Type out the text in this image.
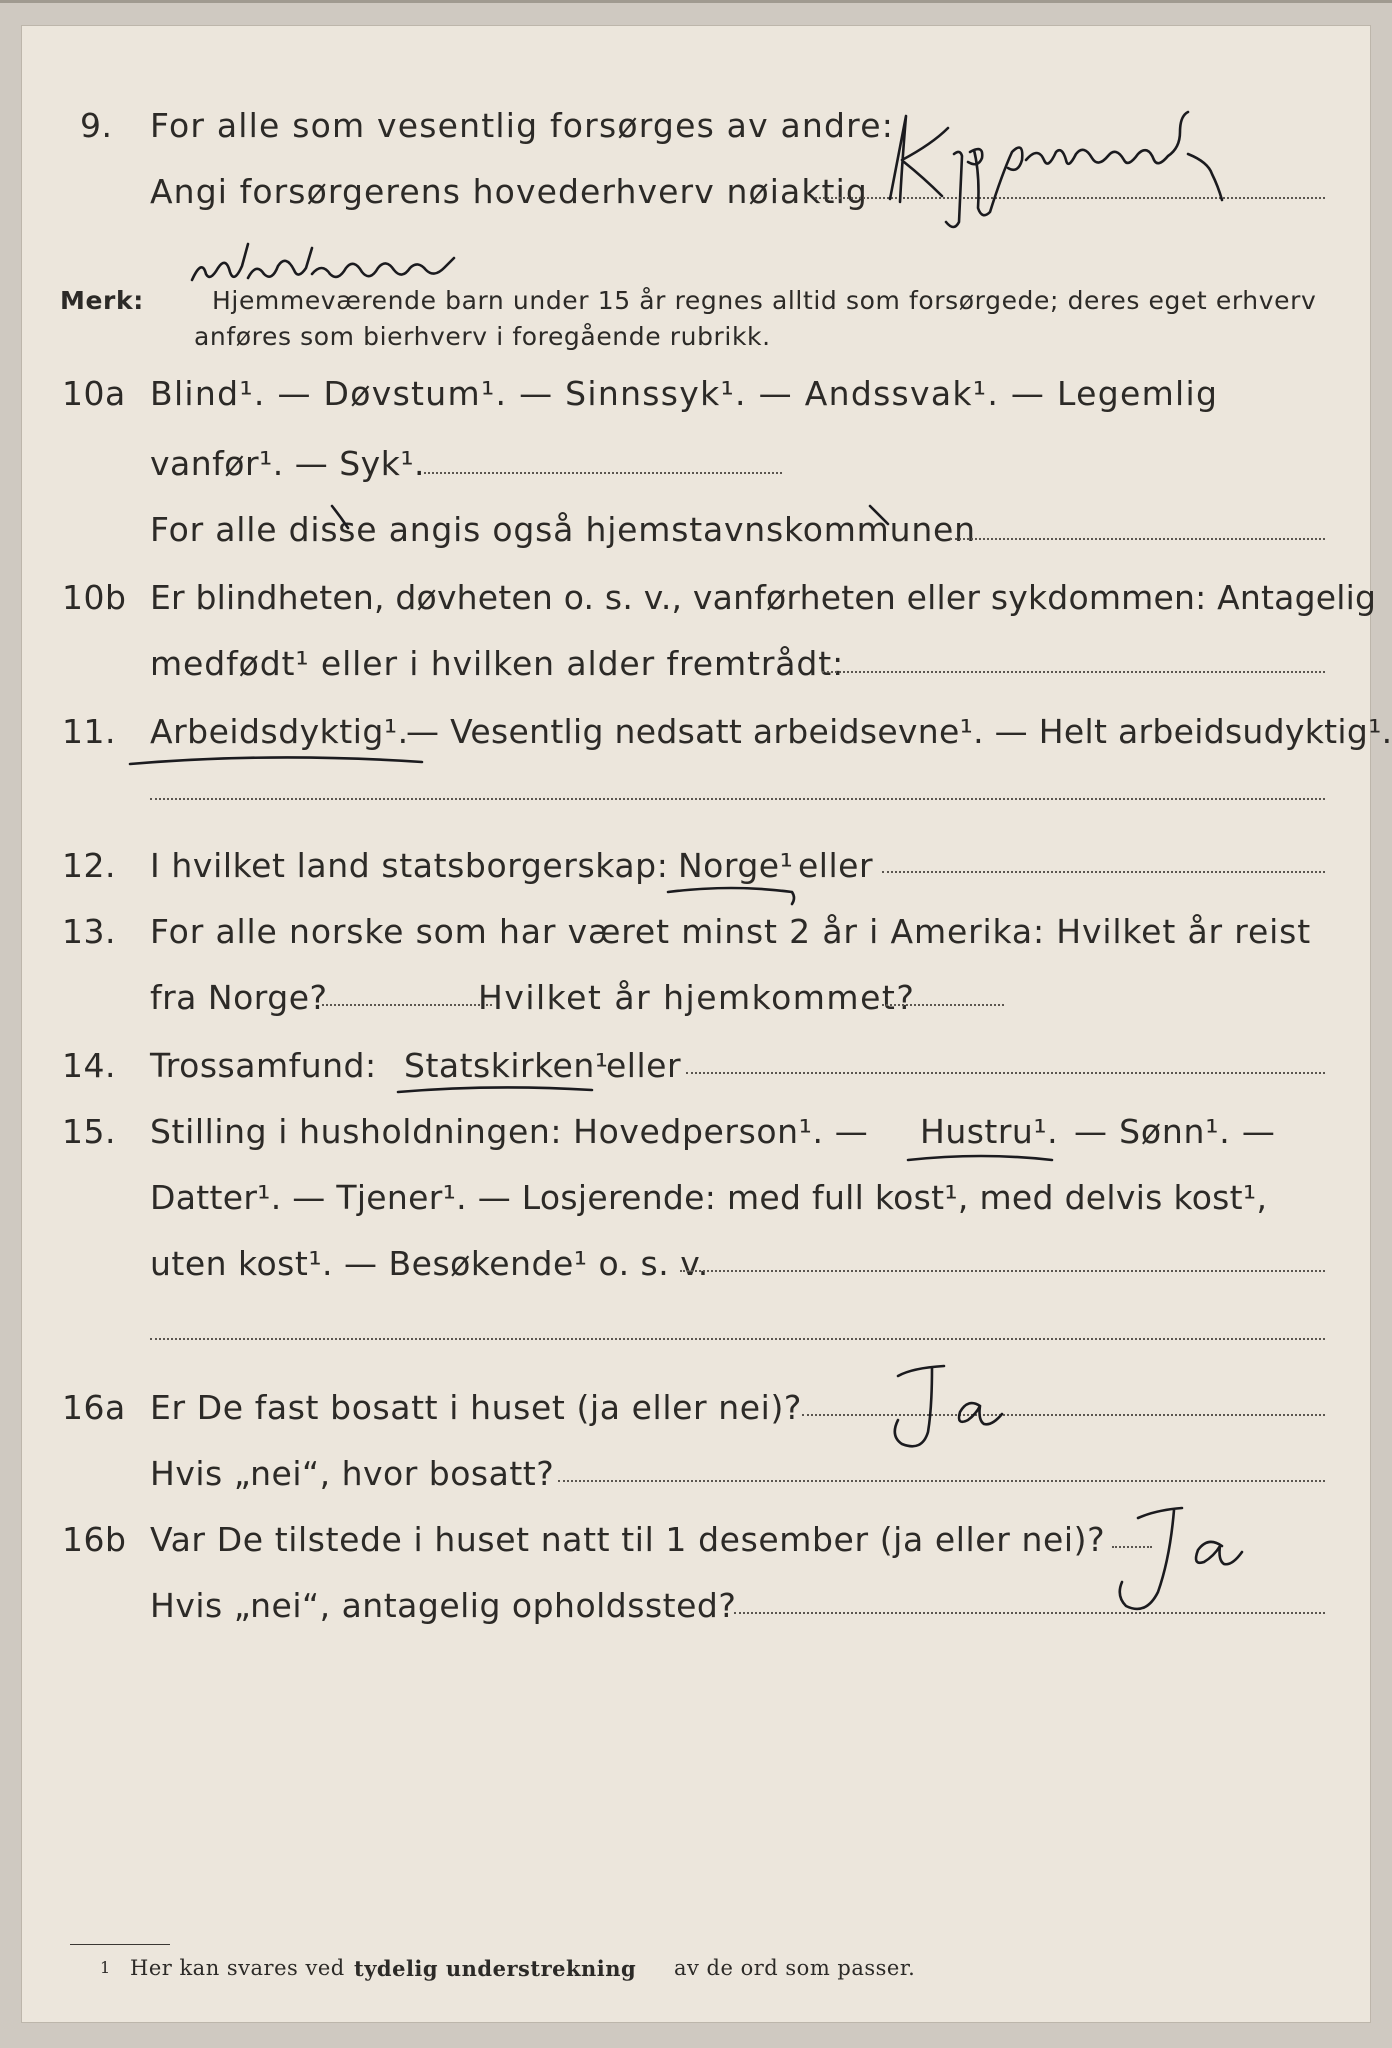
9. For alle som vesentlig forsørges av andre:
Angi forsørgerens hovederhverv nøiaktig
Merk:	Hjemmeværende barn under 15 år regnes alltid som forsørgede; deres eget erhverv
anføres som bierhverv i foregående rubrikk.
10a Blind¹. — Døvstum¹. — Sinnssyk¹. — Andssvak¹. — Legemlig
vanfør¹. — Syk¹.
For alle disse angis også hjemstavnskommunen
10b Er blindheten, døvheten o. s. v., vanførheten eller sykdommen: Antagelig
medfødt¹ eller i hvilken alder fremtrådt:
11. Arbeidsdyktig¹.
— Vesentlig nedsatt arbeidsevne¹. — Helt arbeidsudyktig¹.
12. I hvilket land statsborgerskap: Norge¹ eller
13. For alle norske som har været minst 2 år i Amerika: Hvilket år reist
fra Norge?	Hvilket år hjemkommet?
14. Trossamfund: Statskirken¹
eller
15. Stilling i husholdningen: Hovedperson¹. — Hustru¹. — Sønn¹. —
Datter¹. — Tjener¹. — Losjerende: med full kost¹, med delvis kost¹,
uten kost¹. — Besøkende¹ o. s. v.
16a Er De fast bosatt i huset (ja eller nei)?
Hvis „nei“, hvor bosatt?
16b Var De tilstede i huset natt til 1 desember (ja eller nei)?
Hvis „nei“, antagelig opholdssted?
1 Her kan svares ved tydelig understrekning av de ord som passer.
